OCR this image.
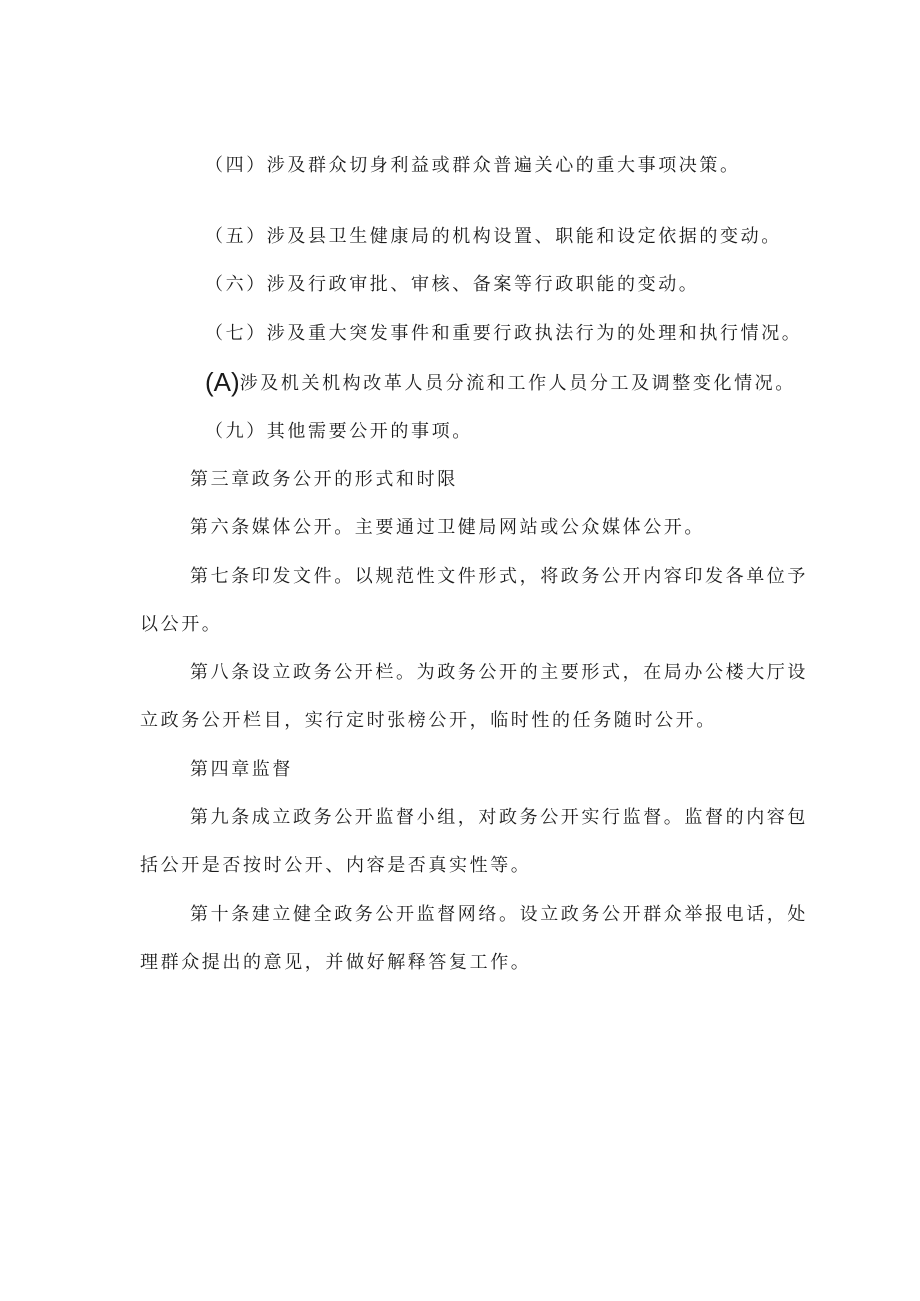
（四）涉及群众切身利益或群众普遍关心的重大事项决策。
（五）涉及县卫生健康局的机构设置、职能和设定依据的变动。
（六）涉及行政审批、审核、备案等行政职能的变动。
（七）涉及重大突发事件和重要行政执法行为的处理和执行情况。
(A)涉及机关机构改革人员分流和工作人员分工及调整变化情况。
（九）其他需要公开的事项。
第三章政务公开的形式和时限
第六条媒体公开。主要通过卫健局网站或公众媒体公开。
第七条印发文件。以规范性文件形式，将政务公开内容印发各单位予
以公开。
第八条设立政务公开栏。为政务公开的主要形式，在局办公楼大厅设
立政务公开栏目，实行定时张榜公开，临时性的任务随时公开。
第四章监督
第九条成立政务公开监督小组，对政务公开实行监督。监督的内容包
括公开是否按时公开、内容是否真实性等。
第十条建立健全政务公开监督网络。设立政务公开群众举报电话，处
理群众提出的意见，并做好解释答复工作。
